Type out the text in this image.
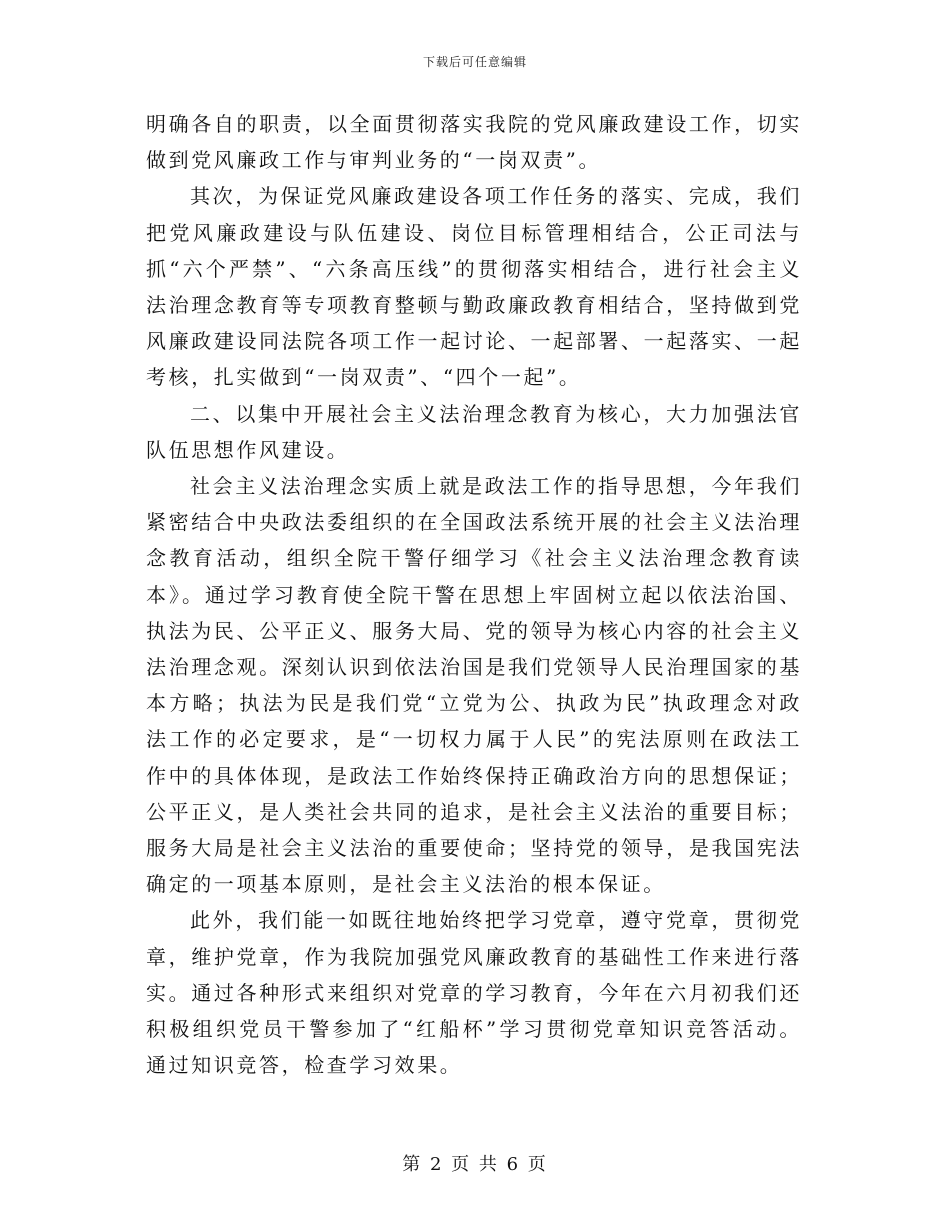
下载后可任意编辑

明确各自的职责，以全面贯彻落实我院的党风廉政建设工作，切实做到党风廉政工作与审判业务的“一岗双责”。

其次，为保证党风廉政建设各项工作任务的落实、完成，我们把党风廉政建设与队伍建设、岗位目标管理相结合，公正司法与抓“六个严禁”、“六条高压线”的贯彻落实相结合，进行社会主义法治理念教育等专项教育整顿与勤政廉政教育相结合，坚持做到党风廉政建设同法院各项工作一起讨论、一起部署、一起落实、一起考核，扎实做到“一岗双责”、“四个一起”。

二、以集中开展社会主义法治理念教育为核心，大力加强法官队伍思想作风建设。

社会主义法治理念实质上就是政法工作的指导思想，今年我们紧密结合中央政法委组织的在全国政法系统开展的社会主义法治理念教育活动，组织全院干警仔细学习《社会主义法治理念教育读本》。通过学习教育使全院干警在思想上牢固树立起以依法治国、执法为民、公平正义、服务大局、党的领导为核心内容的社会主义法治理念观。深刻认识到依法治国是我们党领导人民治理国家的基本方略；执法为民是我们党“立党为公、执政为民”执政理念对政法工作的必定要求，是“一切权力属于人民”的宪法原则在政法工作中的具体体现，是政法工作始终保持正确政治方向的思想保证；公平正义，是人类社会共同的追求，是社会主义法治的重要目标；服务大局是社会主义法治的重要使命；坚持党的领导，是我国宪法确定的一项基本原则，是社会主义法治的根本保证。

此外，我们能一如既往地始终把学习党章，遵守党章，贯彻党章，维护党章，作为我院加强党风廉政教育的基础性工作来进行落实。通过各种形式来组织对党章的学习教育，今年在六月初我们还积极组织党员干警参加了“红船杯”学习贯彻党章知识竞答活动。通过知识竞答，检查学习效果。

第 2 页 共 6 页
